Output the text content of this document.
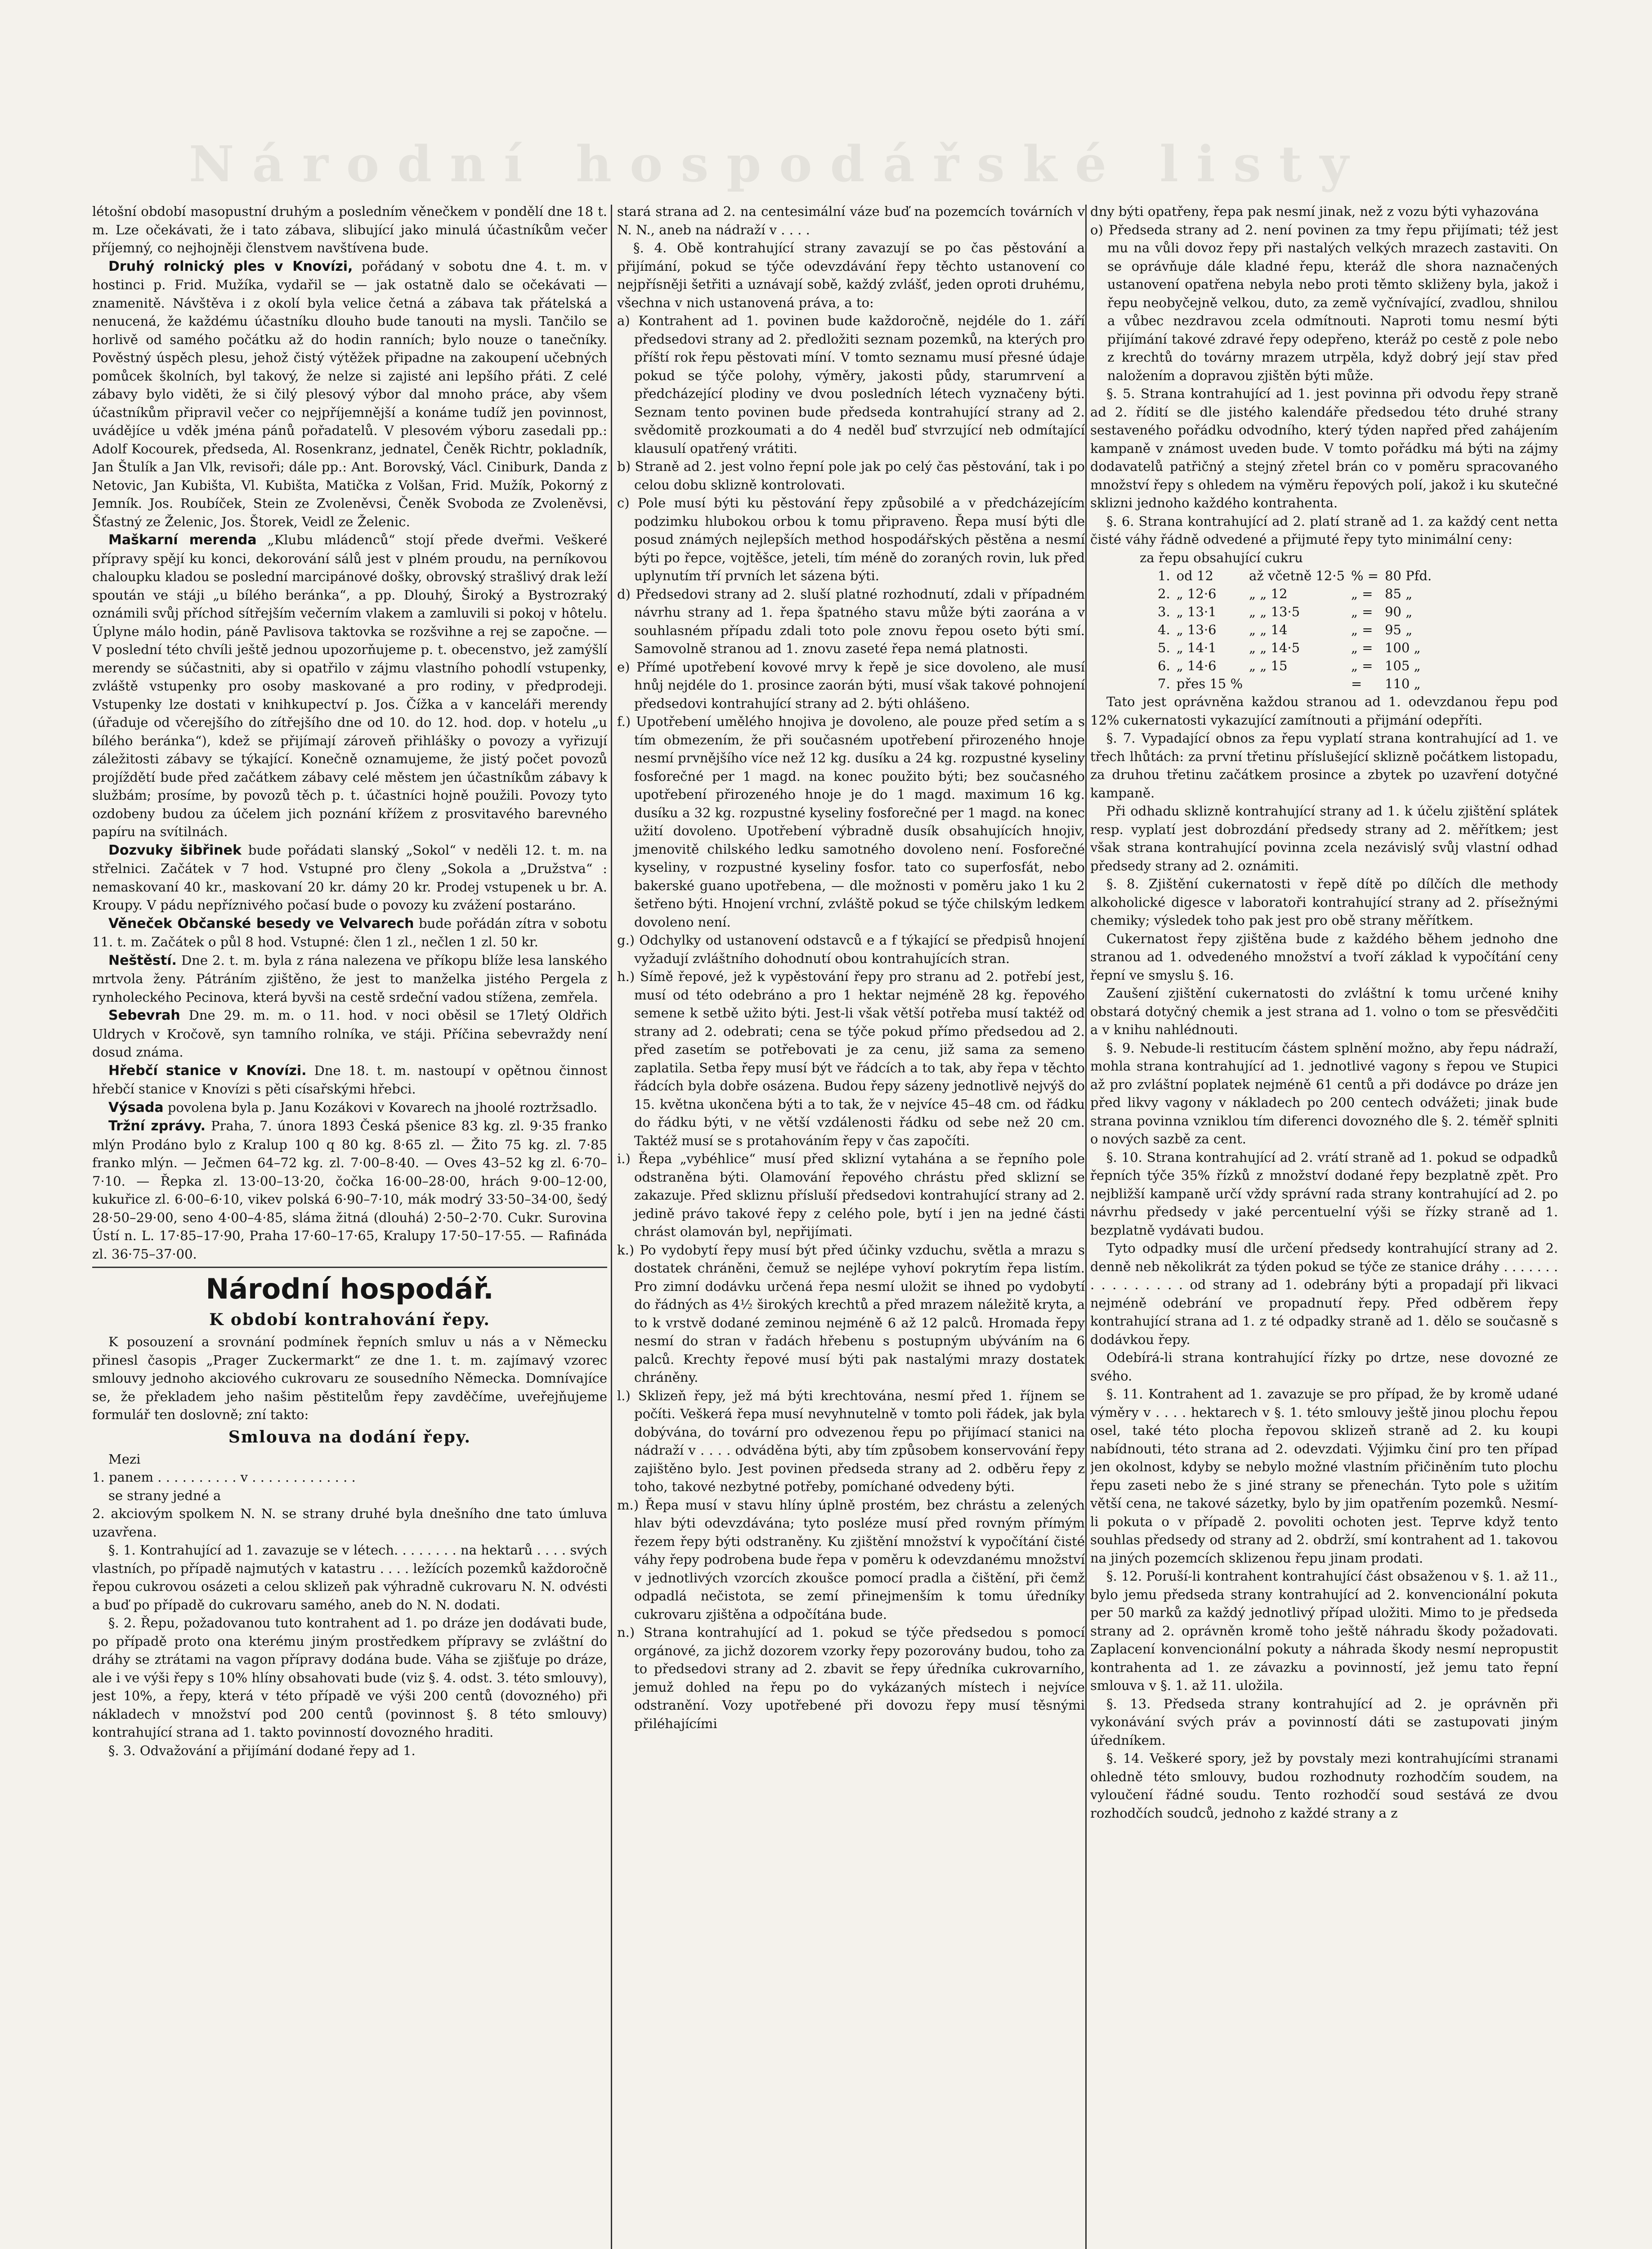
Národní hospodářské listy

létošní období masopustní druhým a posledním věnečkem v pondělí dne 18 t. m. Lze očekávati, že i tato zábava, slibující jako minulá účastníkům večer příjemný, co nejhojněji členstvem navštívena bude.

Druhý rolnický ples v Knovízi, pořádaný v sobotu dne 4. t. m. v hostinci p. Frid. Mužíka, vydařil se — jak ostatně dalo se očekávati — znamenitě. Návštěva i z okolí byla velice četná a zábava tak přátelská a nenucená, že každému účastníku dlouho bude tanouti na mysli. Tančilo se horlivě od samého počátku až do hodin ranních; bylo nouze o tanečníky. Pověstný úspěch plesu, jehož čistý výtěžek připadne na zakoupení učebných pomůcek školních, byl takový, že nelze si zajisté ani lepšího přáti. Z celé zábavy bylo viděti, že si čilý plesový výbor dal mnoho práce, aby všem účastníkům připravil večer co nejpříjemnější a konáme tudíž jen povinnost, uvádějíce u vděk jména pánů pořadatelů. V plesovém výboru zasedali pp.: Adolf Kocourek, předseda, Al. Rosenkranz, jednatel, Čeněk Richtr, pokladník, Jan Štulík a Jan Vlk, revisoři; dále pp.: Ant. Borovský, Václ. Ciniburk, Danda z Netovic, Jan Kubišta, Vl. Kubišta, Matička z Volšan, Frid. Mužík, Pokorný z Jemník. Jos. Roubíček, Stein ze Zvoleněvsi, Čeněk Svoboda ze Zvoleněvsi, Šťastný ze Želenic, Jos. Štorek, Veidl ze Želenic.

Maškarní merenda „Klubu mládenců“ stojí přede dveřmi. Veškeré přípravy spějí ku konci, dekorování sálů jest v plném proudu, na perníkovou chaloupku kladou se poslední marcipánové došky, obrovský strašlivý drak leží spoután ve stáji „u bílého beránka“, a pp. Dlouhý, Široký a Bystrozraký oznámili svůj příchod sítřejším večerním vlakem a zamluvili si pokoj v hôtelu. Úplyne málo hodin, páně Pavlisova taktovka se rozšvihne a rej se započne. — V poslední této chvíli ještě jednou upozorňujeme p. t. obecenstvo, jež zamýšlí merendy se súčastniti, aby si opatřilo v zájmu vlastního pohodlí vstupenky, zvláště vstupenky pro osoby maskované a pro rodiny, v předprodeji. Vstupenky lze dostati v knihkupectví p. Jos. Čížka a v kanceláři merendy (úřaduje od včerejšího do zítřejšího dne od 10. do 12. hod. dop. v hotelu „u bílého beránka“), kdež se přijímají zároveň přihlášky o povozy a vyřizují záležitosti zábavy se týkající. Konečně oznamujeme, že jistý počet povozů projíždětí bude před začátkem zábavy celé městem jen účastníkům zábavy k službám; prosíme, by povozů těch p. t. účastníci hojně použili. Povozy tyto ozdobeny budou za účelem jich poznání křížem z prosvitavého barevného papíru na svítilnách.

Dozvuky šibřinek bude pořádati slanský „Sokol“ v neděli 12. t. m. na střelnici. Začátek v 7 hod. Vstupné pro členy „Sokola a „Družstva“ : nemaskovaní 40 kr., maskovaní 20 kr. dámy 20 kr. Prodej vstupenek u br. A. Kroupy. V pádu nepříznivého počasí bude o povozy ku zvážení postaráno.

Věneček Občanské besedy ve Velvarech bude pořádán zítra v sobotu 11. t. m. Začátek o půl 8 hod. Vstupné: člen 1 zl., nečlen 1 zl. 50 kr.

Neštěstí. Dne 2. t. m. byla z rána nalezena ve příkopu blíže lesa lanského mrtvola ženy. Pátráním zjištěno, že jest to manželka jistého Pergela z rynholeckého Pecinova, která byvši na cestě srdeční vadou stížena, zemřela.

Sebevrah Dne 29. m. m. o 11. hod. v noci oběsil se 17letý Oldřich Uldrych v Kročově, syn tamního rolníka, ve stáji. Příčina sebevraždy není dosud známa.

Hřebčí stanice v Knovízi. Dne 18. t. m. nastoupí v opětnou činnost hřebčí stanice v Knovízi s pěti císařskými hřebci.

Výsada povolena byla p. Janu Kozákovi v Kovarech na jhoolé roztržsadlo.

Tržní zprávy. Praha, 7. února 1893 Česká pšenice 83 kg. zl. 9·35 franko mlýn Prodáno bylo z Kralup 100 q 80 kg. 8·65 zl. — Žito 75 kg. zl. 7·85 franko mlýn. — Ječmen 64–72 kg. zl. 7·00–8·40. — Oves 43–52 kg zl. 6·70–7·10. — Řepka zl. 13·00–13·20, čočka 16·00–28·00, hrách 9·00–12·00, kukuřice zl. 6·00–6·10, vikev polská 6·90–7·10, mák modrý 33·50–34·00, šedý 28·50–29·00, seno 4·00–4·85, sláma žitná (dlouhá) 2·50–2·70. Cukr. Surovina Ústí n. L. 17·85–17·90, Praha 17·60–17·65, Kralupy 17·50–17·55. — Rafináda zl. 36·75–37·00.

Národní hospodář.
K období kontrahování řepy.

K posouzení a srovnání podmínek řepních smluv u nás a v Německu přinesl časopis „Prager Zuckermarkt“ ze dne 1. t. m. zajímavý vzorec smlouvy jednoho akciového cukrovaru ze sousedního Německa. Domnívajíce se, že překladem jeho našim pěstitelům řepy zavděčíme, uveřejňujeme formulář ten doslovně; zní takto:

Smlouva na dodání řepy.

Mezi

1. panem . . . . . . . . . . v . . . . . . . . . . . . .

se strany jedné a

2. akciovým spolkem N. N. se strany druhé byla dnešního dne tato úmluva uzavřena.

§. 1. Kontrahující ad 1. zavazuje se v létech. . . . . . . . na hektarů . . . . svých vlastních, po případě najmutých v katastru . . . . ležících pozemků každoročně řepou cukrovou osázeti a celou sklizeň pak výhradně cukrovaru N. N. odvésti a buď po případě do cukrovaru samého, aneb do N. N. dodati.

§. 2. Řepu, požadovanou tuto kontrahent ad 1. po dráze jen dodávati bude, po případě proto ona kterému jiným prostředkem přípravy se zvláštní do dráhy se ztrátami na vagon přípravy dodána bude. Váha se zjišťuje po dráze, ale i ve výši řepy s 10% hlíny obsahovati bude (viz §. 4. odst. 3. této smlouvy), jest 10%, a řepy, která v této případě ve výši 200 centů (dovozného) při nákladech v množství pod 200 centů (povinnost §. 8 této smlouvy) kontrahující strana ad 1. takto povinností dovozného hraditi.

§. 3. Odvažování a přijímání dodané řepy ad 1.

stará strana ad 2. na centesimální váze buď na pozemcích továrních v N. N., aneb na nádraží v . . . .

§. 4. Obě kontrahující strany zavazují se po čas pěstování a přijímání, pokud se týče odevzdávání řepy těchto ustanovení co nejpřísněji šetřiti a uznávají sobě, každý zvlášť, jeden oproti druhému, všechna v nich ustanovená práva, a to:

a) Kontrahent ad 1. povinen bude každoročně, nejdéle do 1. září předsedovi strany ad 2. předložiti seznam pozemků, na kterých pro příští rok řepu pěstovati míní. V tomto seznamu musí přesné údaje pokud se týče polohy, výměry, jakosti půdy, starumrvení a předcházející plodiny ve dvou posledních létech vyznačeny býti. Seznam tento povinen bude předseda kontrahující strany ad 2. svědomitě prozkoumati a do 4 neděl buď stvrzující neb odmítající klausulí opatřený vrátiti.

b) Straně ad 2. jest volno řepní pole jak po celý čas pěstování, tak i po celou dobu sklizně kontrolovati.

c) Pole musí býti ku pěstování řepy způsobilé a v předcházejícím podzimku hlubokou orbou k tomu připraveno. Řepa musí býti dle posud známých nejlepších method hospodářských pěstěna a nesmí býti po řepce, vojtěšce, jeteli, tím méně do zoraných rovin, luk před uplynutím tří prvních let sázena býti.

d) Předsedovi strany ad 2. sluší platné rozhodnutí, zdali v případném návrhu strany ad 1. řepa špatného stavu může býti zaorána a v souhlasném případu zdali toto pole znovu řepou oseto býti smí. Samovolně stranou ad 1. znovu zaseté řepa nemá platnosti.

e) Přímé upotřebení kovové mrvy k řepě je sice dovoleno, ale musí hnůj nejdéle do 1. prosince zaorán býti, musí však takové pohnojení předsedovi kontrahující strany ad 2. býti ohlášeno.

f.) Upotřebení umělého hnojiva je dovoleno, ale pouze před setím a s tím obmezením, že při současném upotřebení přirozeného hnoje nesmí prvnějšího více než 12 kg. dusíku a 24 kg. rozpustné kyseliny fosforečné per 1 magd. na konec použito býti; bez současného upotřebení přirozeného hnoje je do 1 magd. maximum 16 kg. dusíku a 32 kg. rozpustné kyseliny fosforečné per 1 magd. na konec užití dovoleno. Upotřebení výbradně dusík obsahujících hnojiv, jmenovitě chilského ledku samotného dovoleno není. Fosforečné kyseliny, v rozpustné kyseliny fosfor. tato co superfosfát, nebo bakerské guano upotřebena, — dle možnosti v poměru jako 1 ku 2 šetřeno býti. Hnojení vrchní, zvláště pokud se týče chilským ledkem dovoleno není.

g.) Odchylky od ustanovení odstavců e a f týkající se předpisů hnojení vyžadují zvláštního dohodnutí obou kontrahujících stran.

h.) Símě řepové, jež k vypěstování řepy pro stranu ad 2. potřebí jest, musí od této odebráno a pro 1 hektar nejméně 28 kg. řepového semene k setbě užito býti. Jest-li však větší potřeba musí taktéž od strany ad 2. odebrati; cena se týče pokud přímo předsedou ad 2. před zasetím se potřebovati je za cenu, již sama za semeno zaplatila. Setba řepy musí být ve řádcích a to tak, aby řepa v těchto řádcích byla dobře osázena. Budou řepy sázeny jednotlivě nejvýš do 15. května ukončena býti a to tak, že v nejvíce 45–48 cm. od řádku do řádku býti, v ne větší vzdálenosti řádku od sebe než 20 cm. Taktéž musí se s protahováním řepy v čas započíti.

i.) Řepa „vybéhlice“ musí před sklizní vytahána a se řepního pole odstraněna býti. Olamování řepového chrástu před sklizní se zakazuje. Před skliznu přísluší předsedovi kontrahující strany ad 2. jedině právo takové řepy z celého pole, bytí i jen na jedné části chrást olamován byl, nepřijímati.

k.) Po vydobytí řepy musí být před účinky vzduchu, světla a mrazu s dostatek chráněni, čemuž se nejlépe vyhoví pokrytím řepa listím. Pro zimní dodávku určená řepa nesmí uložit se ihned po vydobytí do řádných as 4½ širokých krechtů a před mrazem náležitě kryta, a to k vrstvě dodané zeminou nejméně 6 až 12 palců. Hromada řepy nesmí do stran v řadách hřebenu s postupným ubýváním na 6 palců. Krechty řepové musí býti pak nastalými mrazy dostatek chráněny.

l.) Sklizeň řepy, jež má býti krechtována, nesmí před 1. říjnem se počíti. Veškerá řepa musí nevyhnutelně v tomto poli řádek, jak byla dobývána, do tovární pro odvezenou řepu po přijímací stanici na nádraží v . . . . odváděna býti, aby tím způsobem konservování řepy zajištěno bylo. Jest povinen předseda strany ad 2. odběru řepy z toho, takové nezbytné potřeby, pomíchané odvedeny býti.

m.) Řepa musí v stavu hlíny úplně prostém, bez chrástu a zelených hlav býti odevzdávána; tyto posléze musí před rovným přímým řezem řepy býti odstraněny. Ku zjištění množství k vypočítání čisté váhy řepy podrobena bude řepa v poměru k odevzdanému množství v jednotlivých vzorcích zkoušce pomocí pradla a čištění, při čemž odpadlá nečistota, se zemí přinejmenším k tomu úředníky cukrovaru zjištěna a odpočítána bude.

n.) Strana kontrahující ad 1. pokud se týče předsedou s pomocí orgánové, za jichž dozorem vzorky řepy pozorovány budou, toho za to předsedovi strany ad 2. zbavit se řepy úředníka cukrovarního, jemuž dohled na řepu po do vykázaných místech i nejvíce odstranění. Vozy upotřebené při dovozu řepy musí těsnými přiléhajícími

dny býti opatřeny, řepa pak nesmí jinak, než z vozu býti vyhazována

o) Předseda strany ad 2. není povinen za tmy řepu přijímati; též jest mu na vůli dovoz řepy při nastalých velkých mrazech zastaviti. On se oprávňuje dále kladné řepu, kteráž dle shora naznačených ustanovení opatřena nebyla nebo proti těmto skliženy byla, jakož i řepu neobyčejně velkou, duto, za země vyčnívající, zvadlou, shnilou a vůbec nezdravou zcela odmítnouti. Naproti tomu nesmí býti přijímání takové zdravé řepy odepřeno, kteráž po cestě z pole nebo z krechtů do továrny mrazem utrpěla, když dobrý její stav před naložením a dopravou zjištěn býti může.

§. 5. Strana kontrahující ad 1. jest povinna při odvodu řepy straně ad 2. řídití se dle jistého kalendáře předsedou této druhé strany sestaveného pořádku odvodního, který týden napřed před zahájením kampaně v známost uveden bude. V tomto pořádku má býti na zájmy dodavatelů patřičný a stejný zřetel brán co v poměru spracovaného množství řepy s ohledem na výměru řepových polí, jakož i ku skutečné sklizni jednoho každého kontrahenta.

§. 6. Strana kontrahující ad 2. platí straně ad 1. za každý cent netta čisté váhy řádně odvedené a přijmuté řepy tyto minimální ceny:

za řepu obsahující cukru

1.	od 12	až včetně 12·5	% =	80 Pfd.
2.	„ 12·6	„ „ 12	„ =	85 „
3.	„ 13·1	„ „ 13·5	„ =	90 „
4.	„ 13·6	„ „ 14	„ =	95 „
5.	„ 14·1	„ „ 14·5	„ =	100 „
6.	„ 14·6	„ „ 15	„ =	105 „
7.	přes 15 %		=	110 „

Tato jest oprávněna každou stranou ad 1. odevzdanou řepu pod 12% cukernatosti vykazující zamítnouti a přijmání odepříti.

§. 7. Vypadající obnos za řepu vyplatí strana kontrahující ad 1. ve třech lhůtách: za první třetinu příslušející sklizně počátkem listopadu, za druhou třetinu začátkem prosince a zbytek po uzavření dotyčné kampaně.

Při odhadu sklizně kontrahující strany ad 1. k účelu zjištění splátek resp. vyplatí jest dobrozdání předsedy strany ad 2. měřítkem; jest však strana kontrahující povinna zcela nezávislý svůj vlastní odhad předsedy strany ad 2. oznámiti.

§. 8. Zjištění cukernatosti v řepě dítě po dílčích dle methody alkoholické digesce v laboratoři kontrahující strany ad 2. přísežnými chemiky; výsledek toho pak jest pro obě strany měřítkem.

Cukernatost řepy zjištěna bude z každého během jednoho dne stranou ad 1. odvedeného množství a tvoří základ k vypočítání ceny řepní ve smyslu §. 16.

Zaušení zjištění cukernatosti do zvláštní k tomu určené knihy obstará dotyčný chemik a jest strana ad 1. volno o tom se přesvědčiti a v knihu nahlédnouti.

§. 9. Nebude-li restitucím částem splnění možno, aby řepu nádraží, mohla strana kontrahující ad 1. jednotlivé vagony s řepou ve Stupici až pro zvláštní poplatek nejméně 61 centů a při dodávce po dráze jen před likvy vagony v nákladech po 200 centech odvážeti; jinak bude strana povinna vzniklou tím diferenci dovozného dle §. 2. téměř splniti o nových sazbě za cent.

§. 10. Strana kontrahující ad 2. vrátí straně ad 1. pokud se odpadků řepních týče 35% řízků z množství dodané řepy bezplatně zpět. Pro nejbližší kampaně určí vždy správní rada strany kontrahující ad 2. po návrhu předsedy v jaké percentuelní výši se řízky straně ad 1. bezplatně vydávati budou.

Tyto odpadky musí dle určení předsedy kontrahující strany ad 2. denně neb několikrát za týden pokud se týče ze stanice dráhy . . . . . . . . . . . . . . . . od strany ad 1. odebrány býti a propadají při likvaci nejméně odebrání ve propadnutí řepy. Před odběrem řepy kontrahující strana ad 1. z té odpadky straně ad 1. dělo se současně s dodávkou řepy.

Odebírá-li strana kontrahující řízky po drtze, nese dovozné ze svého.

§. 11. Kontrahent ad 1. zavazuje se pro případ, že by kromě udané výměry v . . . . hektarech v §. 1. této smlouvy ještě jinou plochu řepou osel, také této plocha řepovou sklizeň straně ad 2. ku koupi nabídnouti, této strana ad 2. odevzdati. Výjimku činí pro ten případ jen okolnost, kdyby se nebylo možné vlastním přičiněním tuto plochu řepu zaseti nebo že s jiné strany se přenechán. Tyto pole s užitím větší cena, ne takové sázetky, bylo by jim opatřením pozemků. Nesmí-li pokuta o v případě 2. povoliti ochoten jest. Teprve když tento souhlas předsedy od strany ad 2. obdrží, smí kontrahent ad 1. takovou na jiných pozemcích sklizenou řepu jinam prodati.

§. 12. Poruší-li kontrahent kontrahující část obsaženou v §. 1. až 11., bylo jemu předseda strany kontrahující ad 2. konvencionální pokuta per 50 marků za každý jednotlivý případ uložiti. Mimo to je předseda strany ad 2. oprávněn kromě toho ještě náhradu škody požadovati. Zaplacení konvencionální pokuty a náhrada škody nesmí nepropustit kontrahenta ad 1. ze závazku a povinností, jež jemu tato řepní smlouva v §. 1. až 11. uložila.

§. 13. Předseda strany kontrahující ad 2. je oprávněn při vykonávání svých práv a povinností dáti se zastupovati jiným úředníkem.

§. 14. Veškeré spory, jež by povstaly mezi kontrahujícími stranami ohledně této smlouvy, budou rozhodnuty rozhodčím soudem, na vyloučení řádné soudu. Tento rozhodčí soud sestává ze dvou rozhodčích soudců, jednoho z každé strany a z
